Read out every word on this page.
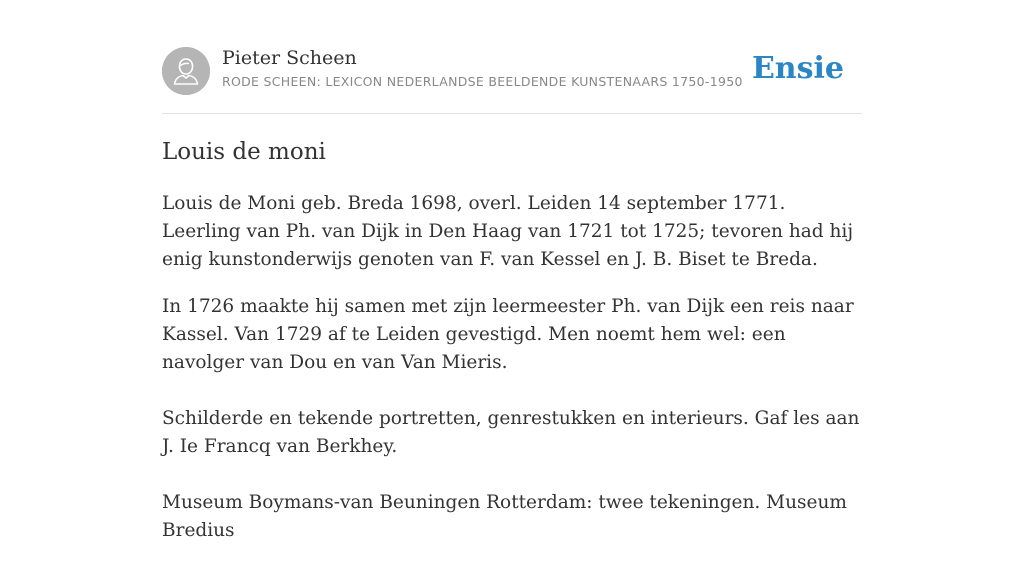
Pieter Scheen
RODE SCHEEN: LEXICON NEDERLANDSE BEELDENDE KUNSTENAARS 1750-1950 Ensie
Louis de moni

Louis de Moni geb. Breda 1698, overl. Leiden 14 september 1771. Leerling van Ph. van Dijk in Den Haag van 1721 tot 1725; tevoren had hij enig kunstonderwijs genoten van F. van Kessel en J. B. Biset te Breda.

In 1726 maakte hij samen met zijn leermeester Ph. van Dijk een reis naar Kassel. Van 1729 af te Leiden gevestigd. Men noemt hem wel: een navolger van Dou en van Van Mieris.

Schilderde en tekende portretten, genrestukken en interieurs. Gaf les aan J. Ie Francq van Berkhey.

Museum Boymans-van Beuningen Rotterdam: twee tekeningen. Museum Bredius
